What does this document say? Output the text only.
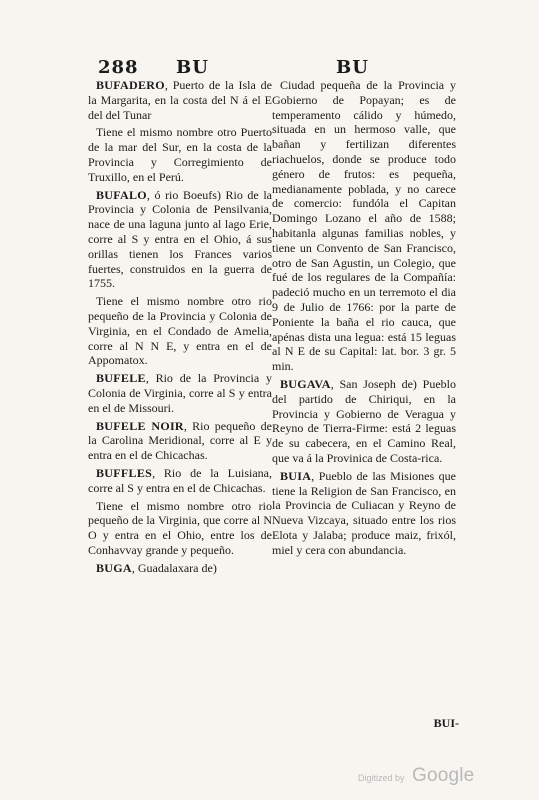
288 BU	BU

BUFADERO, Puerto de la Isla de la Margarita, en la costa del N á el E del del Tunar

Tiene el mismo nombre otro Puerto de la mar del Sur, en la costa de la Provincia y Corregimiento de Truxillo, en el Perú.

BUFALO, ó rio Boeufs) Rio de la Provincia y Colonia de Pensilvania, nace de una laguna junto al lago Erie, corre al S y entra en el Ohio, á sus orillas tienen los Frances varios fuertes, construidos en la guerra de 1755.

Tiene el mismo nombre otro rio pequeño de la Provincia y Colonia de Virginia, en el Condado de Amelia, corre al N N E, y entra en el de Appomatox.

BUFELE, Rio de la Provincia y Colonia de Virginia, corre al S y entra en el de Missouri.

BUFELE NOIR, Rio pequeño de la Carolina Meridional, corre al E y entra en el de Chicachas.

BUFFLES, Rio de la Luisiana, corre al S y entra en el de Chicachas.

Tiene el mismo nombre otro rio pequeño de la Virginia, que corre al N O y entra en el Ohio, entre los de Conhavvay grande y pequeño.

BUGA, Guadalaxara de)

Ciudad pequeña de la Provincia y Gobierno de Popayan; es de temperamento cálido y húmedo, situada en un hermoso valle, que bañan y fertilizan diferentes riachuelos, donde se produce todo género de frutos: es pequeña, medianamente poblada, y no carece de comercio: fundóla el Capitan Domingo Lozano el año de 1588; habitanla algunas familias nobles, y tiene un Convento de San Francisco, otro de San Agustin, un Colegio, que fué de los regulares de la Compañía: padeció mucho en un terremoto el dia 9 de Julio de 1766: por la parte de Poniente la baña el rio cauca, que apénas dista una legua: está 15 leguas al N E de su Capital: lat. bor. 3 gr. 5 min.

BUGAVA, San Joseph de) Pueblo del partido de Chiriqui, en la Provincia y Gobierno de Veragua y Reyno de Tierra-Firme: está 2 leguas de su cabecera, en el Camino Real, que va á la Provinica de Costa-rica.

BUIA, Pueblo de las Misiones que tiene la Religion de San Francisco, en la Provincia de Culiacan y Reyno de Nueva Vizcaya, situado entre los rios Elota y Jalaba; produce maiz, frixól, miel y cera con abundancia.

BUI-
Digitized by Google
